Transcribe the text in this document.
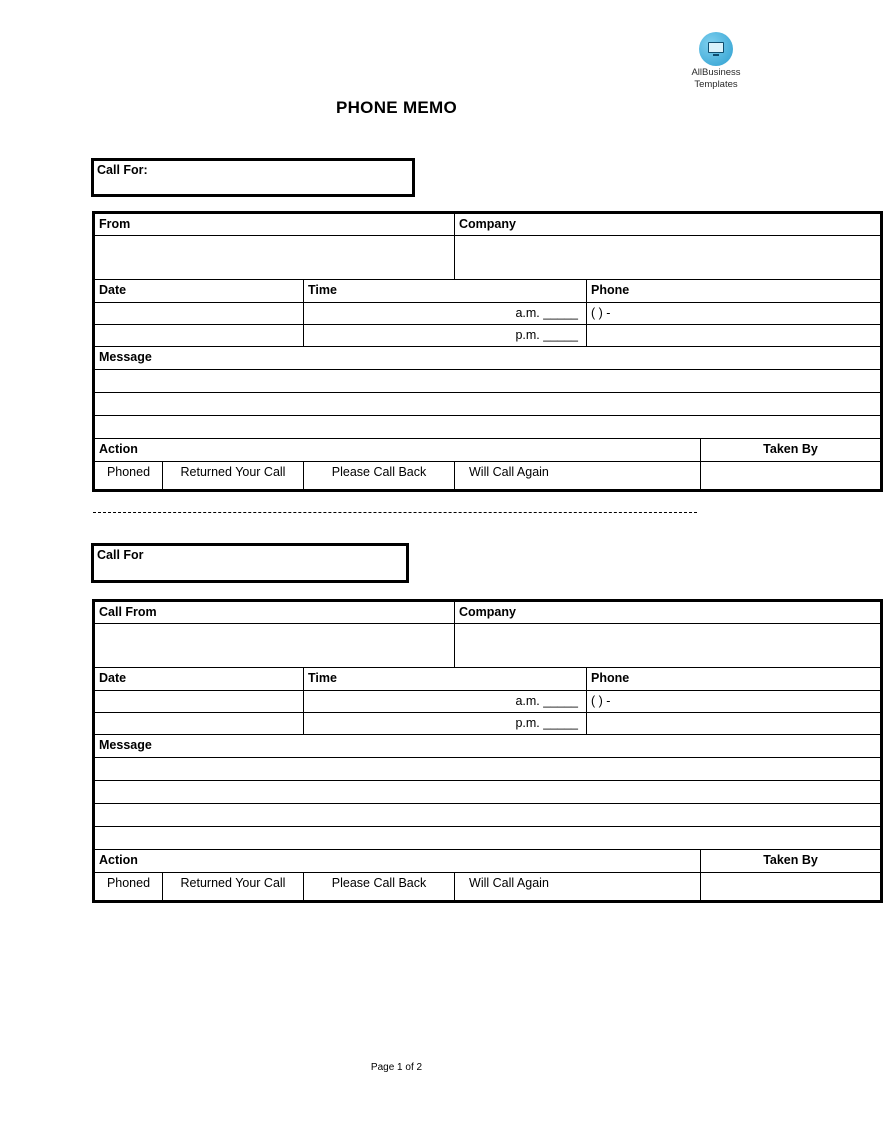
AllBusiness
Templates
PHONE MEMO
Call For:
From			Company		

Date		Time		Phone	
		a.m. _____		( ) -	
		p.m. _____			
Message					

Action					Taken By
Phoned	Returned Your Call	Please Call Back	Will Call Again		
Call For
Call From			Company		

Date		Time		Phone	
		a.m. _____		( ) -	
		p.m. _____			
Message					

Action					Taken By
Phoned	Returned Your Call	Please Call Back	Will Call Again		
Page 1 of 2
